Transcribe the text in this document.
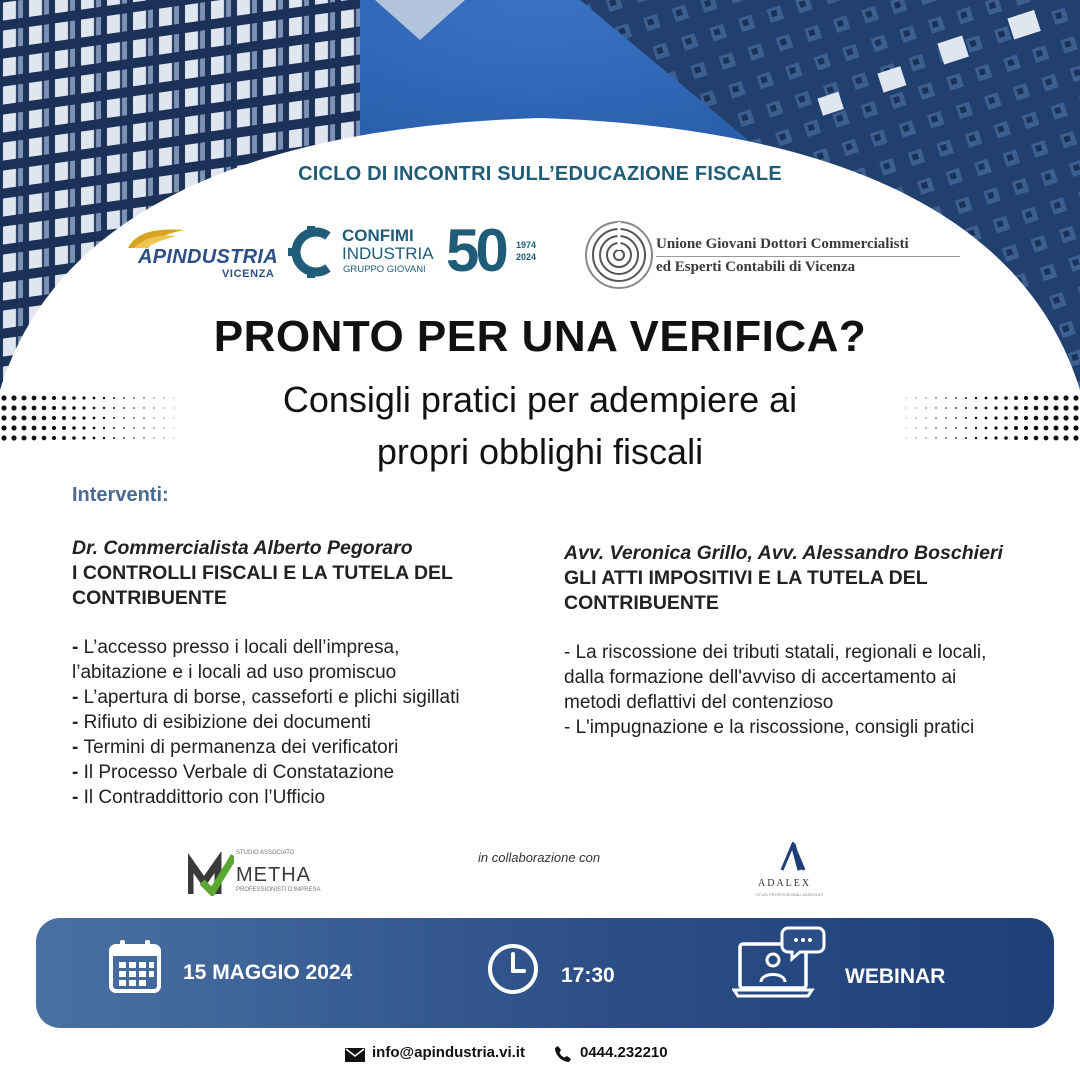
CICLO DI INCONTRI SULL’EDUCAZIONE FISCALE
APINDUSTRIA
VICENZA
CONFIMI
INDUSTRIA
GRUPPO GIOVANI 50 1974
2024
Unione Giovani Dottori Commercialisti
ed Esperti Contabili di Vicenza
PRONTO PER UNA VERIFICA?
Consigli pratici per adempiere ai
propri obblighi fiscali
Interventi:
Dr. Commercialista Alberto Pegoraro
I CONTROLLI FISCALI E LA TUTELA DEL
CONTRIBUENTE
- L’accesso presso i locali dell’impresa,
l’abitazione e i locali ad uso promiscuo
- L’apertura di borse, casseforti e plichi sigillati
- Rifiuto di esibizione dei documenti
- Termini di permanenza dei verificatori
- Il Processo Verbale di Constatazione
- Il Contraddittorio con l’Ufficio
Avv. Veronica Grillo, Avv. Alessandro Boschieri
GLI ATTI IMPOSITIVI E LA TUTELA DEL
CONTRIBUENTE
- La riscossione dei tributi statali, regionali e locali,
dalla formazione dell'avviso di accertamento ai
metodi deflattivi del contenzioso
- L'impugnazione e la riscossione, consigli pratici
STUDIO ASSOCIATO
METHA
PROFESSIONISTI D'IMPRESA
in collaborazione con
ADALEX
STUDI PROFESSIONALI ASSOCIATI
15 MAGGIO 2024	17:30	WEBINAR
info@apindustria.vi.it	0444.232210
